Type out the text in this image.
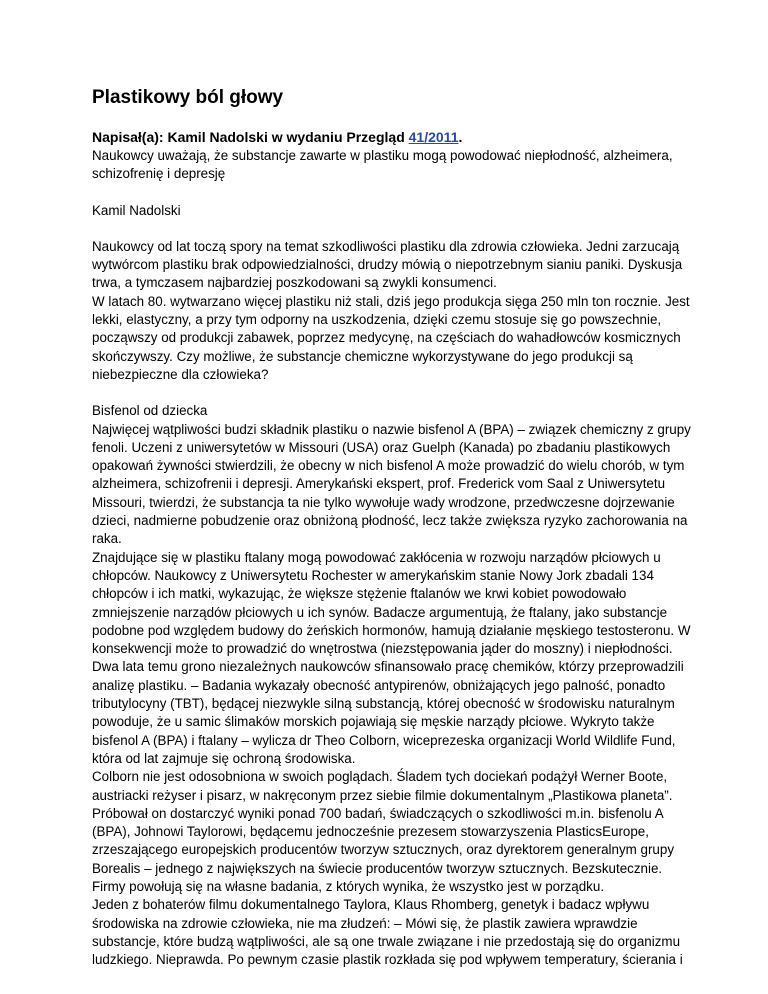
Plastikowy ból głowy

Napisał(a): Kamil Nadolski w wydaniu Przegląd 41/2011.

Naukowcy uważają, że substancje zawarte w plastiku mogą powodować niepłodność, alzheimera, schizofrenię i depresję

Kamil Nadolski

Naukowcy od lat toczą spory na temat szkodliwości plastiku dla zdrowia człowieka. Jedni zarzucają wytwórcom plastiku brak odpowiedzialności, drudzy mówią o niepotrzebnym sianiu paniki. Dyskusja trwa, a tymczasem najbardziej poszkodowani są zwykli konsumenci.

W latach 80. wytwarzano więcej plastiku niż stali, dziś jego produkcja sięga 250 mln ton rocznie. Jest lekki, elastyczny, a przy tym odporny na uszkodzenia, dzięki czemu stosuje się go powszechnie, począwszy od produkcji zabawek, poprzez medycynę, na częściach do wahadłowców kosmicznych skończywszy. Czy możliwe, że substancje chemiczne wykorzystywane do jego produkcji są niebezpieczne dla człowieka?

Bisfenol od dziecka

Najwięcej wątpliwości budzi składnik plastiku o nazwie bisfenol A (BPA) – związek chemiczny z grupy fenoli. Uczeni z uniwersytetów w Missouri (USA) oraz Guelph (Kanada) po zbadaniu plastikowych opakowań żywności stwierdzili, że obecny w nich bisfenol A może prowadzić do wielu chorób, w tym alzheimera, schizofrenii i depresji. Amerykański ekspert, prof. Frederick vom Saal z Uniwersytetu Missouri, twierdzi, że substancja ta nie tylko wywołuje wady wrodzone, przedwczesne dojrzewanie dzieci, nadmierne pobudzenie oraz obniżoną płodność, lecz także zwiększa ryzyko zachorowania na raka.

Znajdujące się w plastiku ftalany mogą powodować zakłócenia w rozwoju narządów płciowych u chłopców. Naukowcy z Uniwersytetu Rochester w amerykańskim stanie Nowy Jork zbadali 134 chłopców i ich matki, wykazując, że większe stężenie ftalanów we krwi kobiet powodowało zmniejszenie narządów płciowych u ich synów. Badacze argumentują, że ftalany, jako substancje podobne pod względem budowy do żeńskich hormonów, hamują działanie męskiego testosteronu. W konsekwencji może to prowadzić do wnętrostwa (niezstępowania jąder do moszny) i niepłodności.

Dwa lata temu grono niezależnych naukowców sfinansowało pracę chemików, którzy przeprowadzili analizę plastiku. – Badania wykazały obecność antypirenów, obniżających jego palność, ponadto tributylocyny (TBT), będącej niezwykle silną substancją, której obecność w środowisku naturalnym powoduje, że u samic ślimaków morskich pojawiają się męskie narządy płciowe. Wykryto także bisfenol A (BPA) i ftalany – wylicza dr Theo Colborn, wiceprezeska organizacji World Wildlife Fund, która od lat zajmuje się ochroną środowiska.

Colborn nie jest odosobniona w swoich poglądach. Śladem tych dociekań podążył Werner Boote, austriacki reżyser i pisarz, w nakręconym przez siebie filmie dokumentalnym „Plastikowa planeta”. Próbował on dostarczyć wyniki ponad 700 badań, świadczących o szkodliwości m.in. bisfenolu A (BPA), Johnowi Taylorowi, będącemu jednocześnie prezesem stowarzyszenia PlasticsEurope, zrzeszającego europejskich producentów tworzyw sztucznych, oraz dyrektorem generalnym grupy Borealis – jednego z największych na świecie producentów tworzyw sztucznych. Bezskutecznie. Firmy powołują się na własne badania, z których wynika, że wszystko jest w porządku.

Jeden z bohaterów filmu dokumentalnego Taylora, Klaus Rhomberg, genetyk i badacz wpływu środowiska na zdrowie człowieka, nie ma złudzeń: – Mówi się, że plastik zawiera wprawdzie substancje, które budzą wątpliwości, ale są one trwale związane i nie przedostają się do organizmu ludzkiego. Nieprawda. Po pewnym czasie plastik rozkłada się pod wpływem temperatury, ścierania i
